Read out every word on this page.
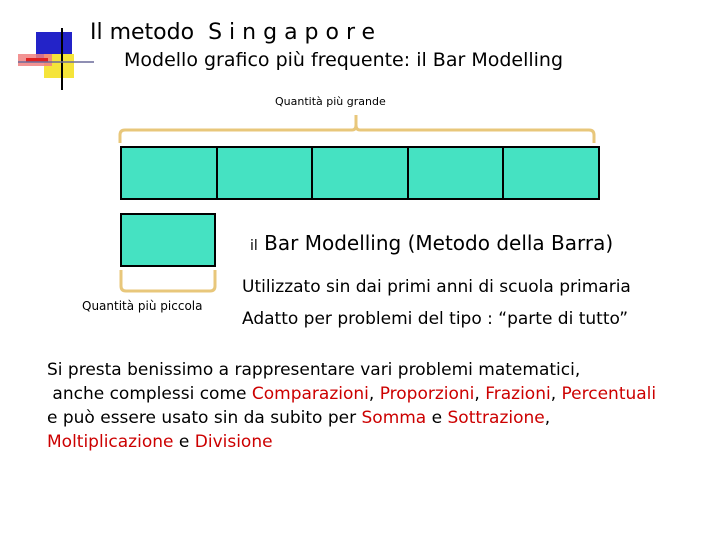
Il metodo Singapore
Modello grafico più frequente: il Bar Modelling
Quantità più grande
Quantità più piccola
il Bar Modelling (Metodo della Barra)
Utilizzato sin dai primi anni di scuola primaria
Adatto per problemi del tipo : “parte di tutto”
Si presta benissimo a rappresentare vari problemi matematici,
anche complessi come Comparazioni, Proporzioni, Frazioni, Percentuali
e può essere usato sin da subito per Somma e Sottrazione,
Moltiplicazione e Divisione
